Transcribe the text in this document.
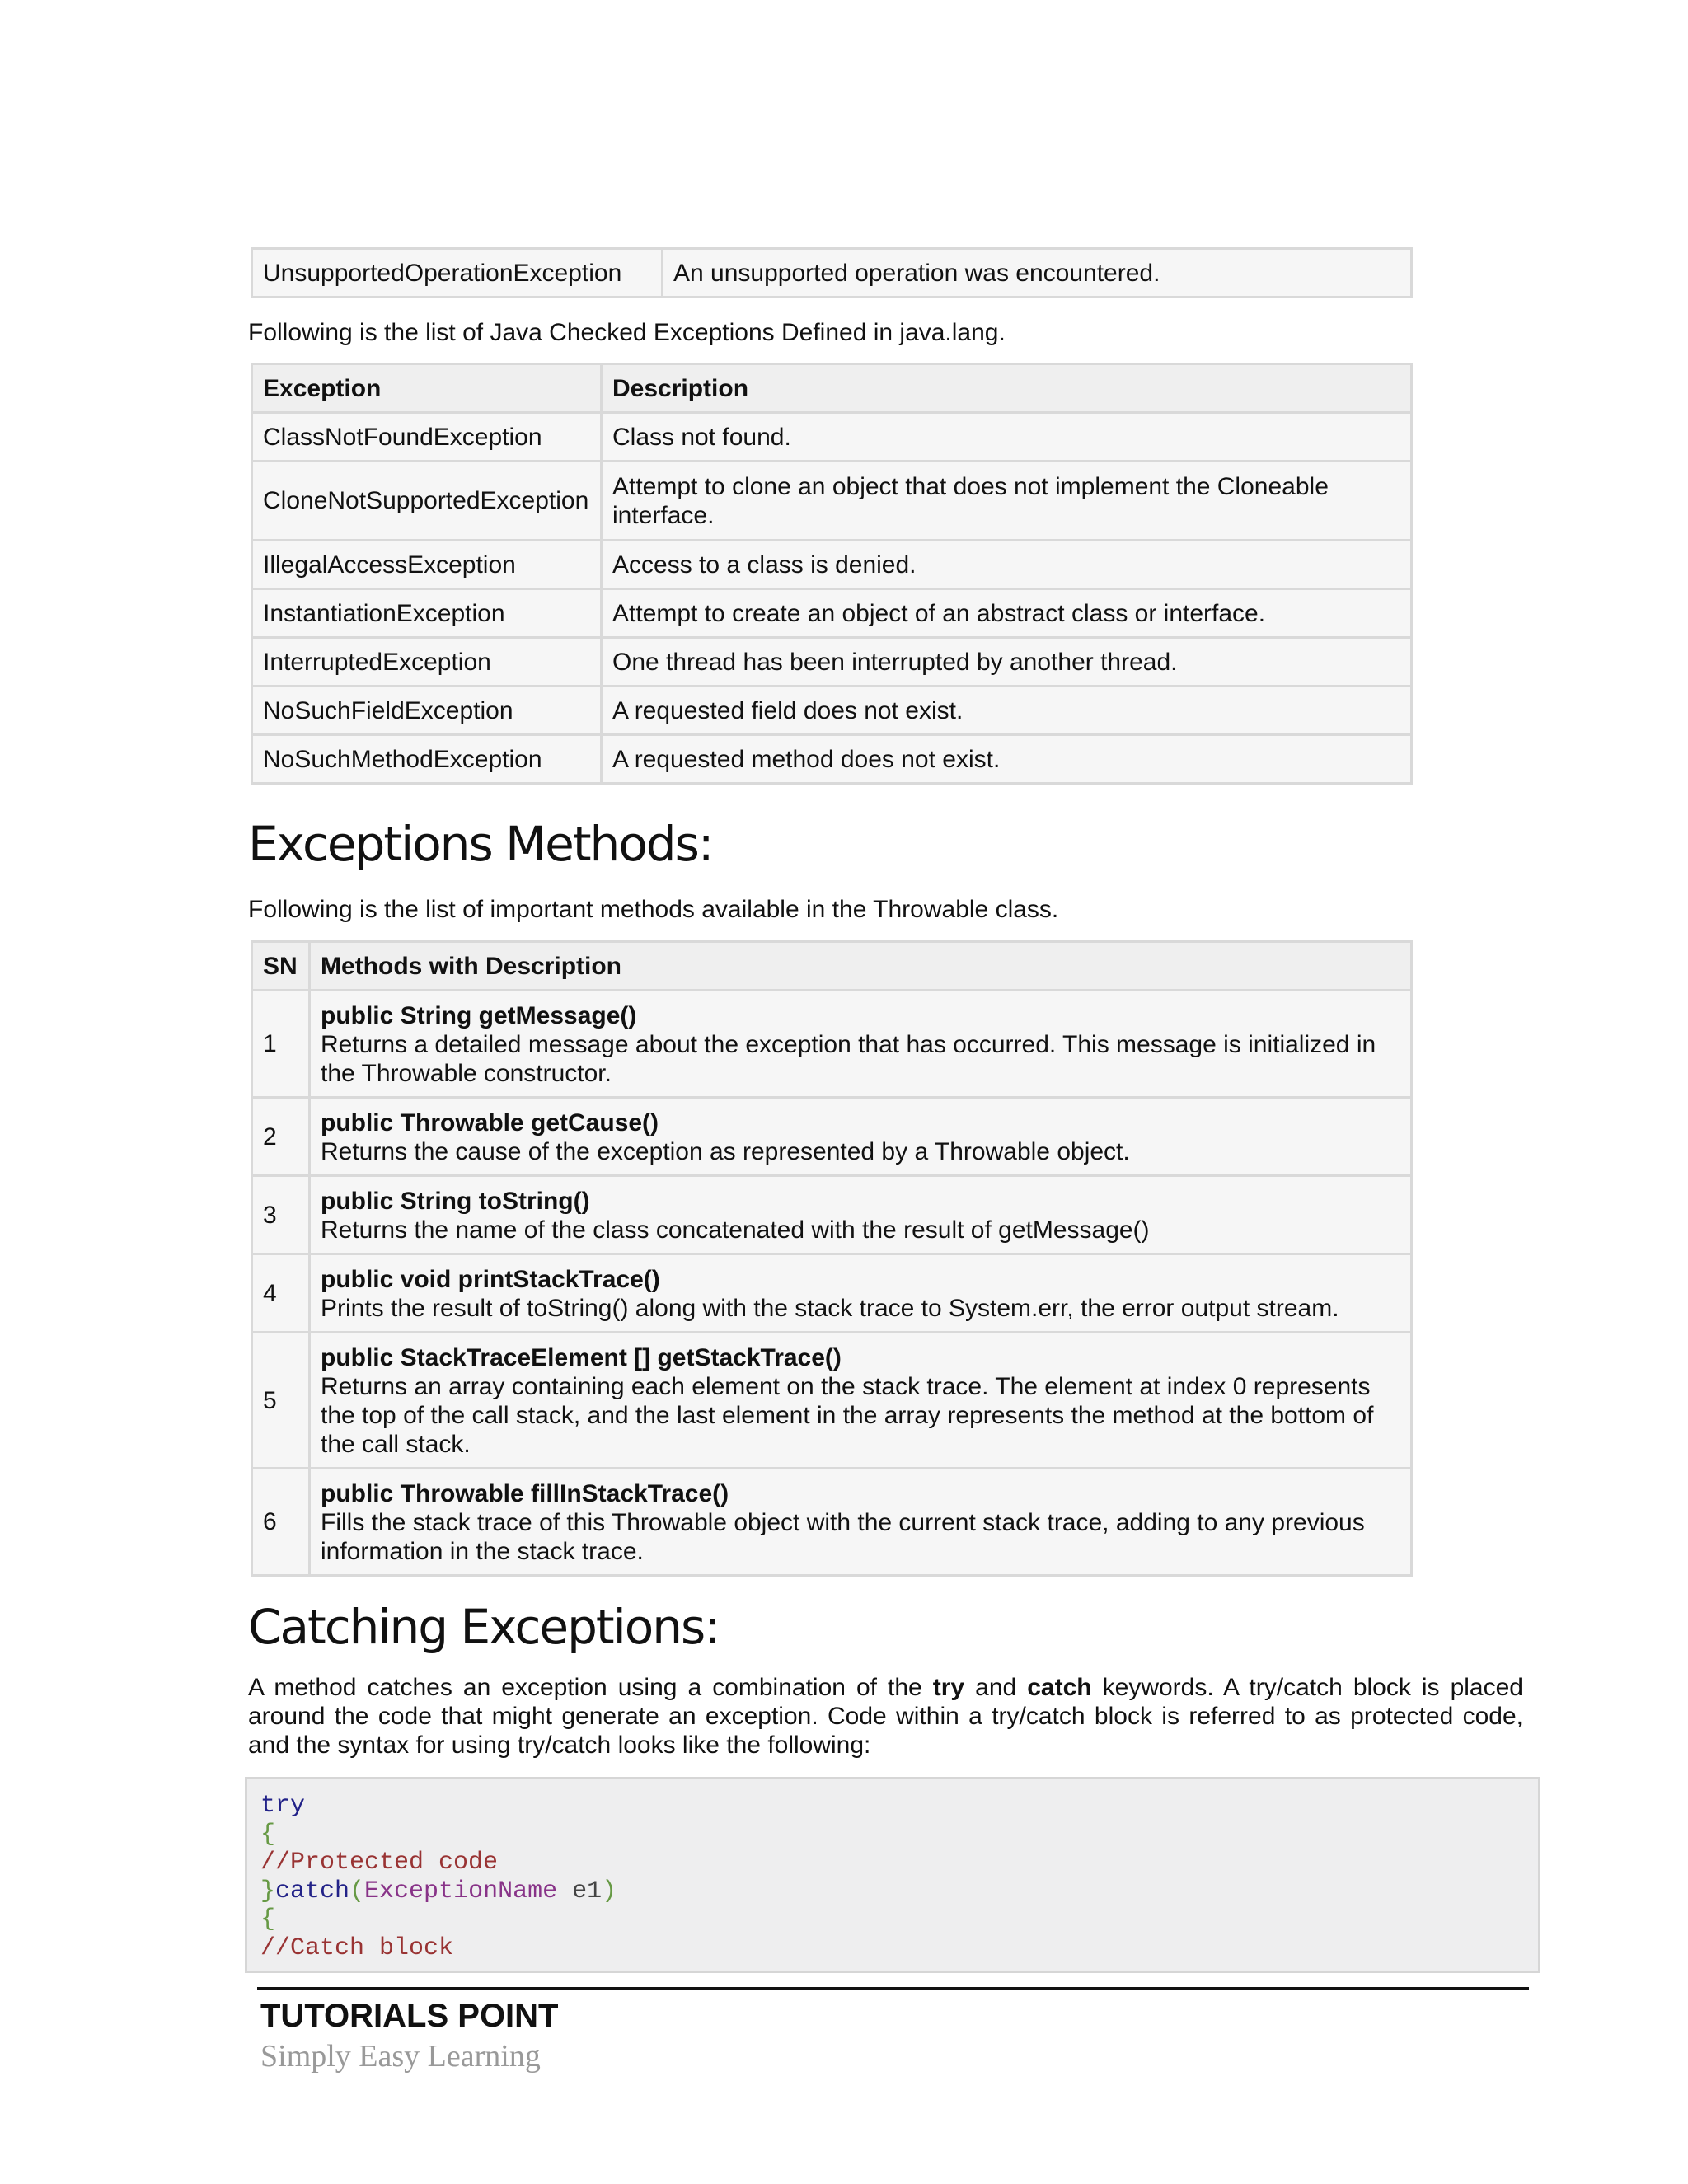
UnsupportedOperationException	An unsupported operation was encountered.

Following is the list of Java Checked Exceptions Defined in java.lang.

Exception	Description
ClassNotFoundException	Class not found.
CloneNotSupportedException	Attempt to clone an object that does not implement the Cloneable interface.
IllegalAccessException	Access to a class is denied.
InstantiationException	Attempt to create an object of an abstract class or interface.
InterruptedException	One thread has been interrupted by another thread.
NoSuchFieldException	A requested field does not exist.
NoSuchMethodException	A requested method does not exist.
Exceptions Methods:

Following is the list of important methods available in the Throwable class.

SN	Methods with Description
1	public String getMessage()
Returns a detailed message about the exception that has occurred. This message is initialized in the Throwable constructor.

2	public Throwable getCause()
Returns the cause of the exception as represented by a Throwable object.

3	public String toString()
Returns the name of the class concatenated with the result of getMessage()

4	public void printStackTrace()
Prints the result of toString() along with the stack trace to System.err, the error output stream.

5	public StackTraceElement [] getStackTrace()
Returns an array containing each element on the stack trace. The element at index 0 represents the top of the call stack, and the last element in the array represents the method at the bottom of the call stack.

6	public Throwable fillInStackTrace()
Fills the stack trace of this Throwable object with the current stack trace, adding to any previous information in the stack trace.
Catching Exceptions:

A method catches an exception using a combination of the try and catch keywords. A try/catch block is placed around the code that might generate an exception. Code within a try/catch block is referred to as protected code, and the syntax for using try/catch looks like the following:

try
{
//Protected code
}catch(ExceptionName e1)
{
//Catch block
TUTORIALS POINT
Simply Easy Learning
